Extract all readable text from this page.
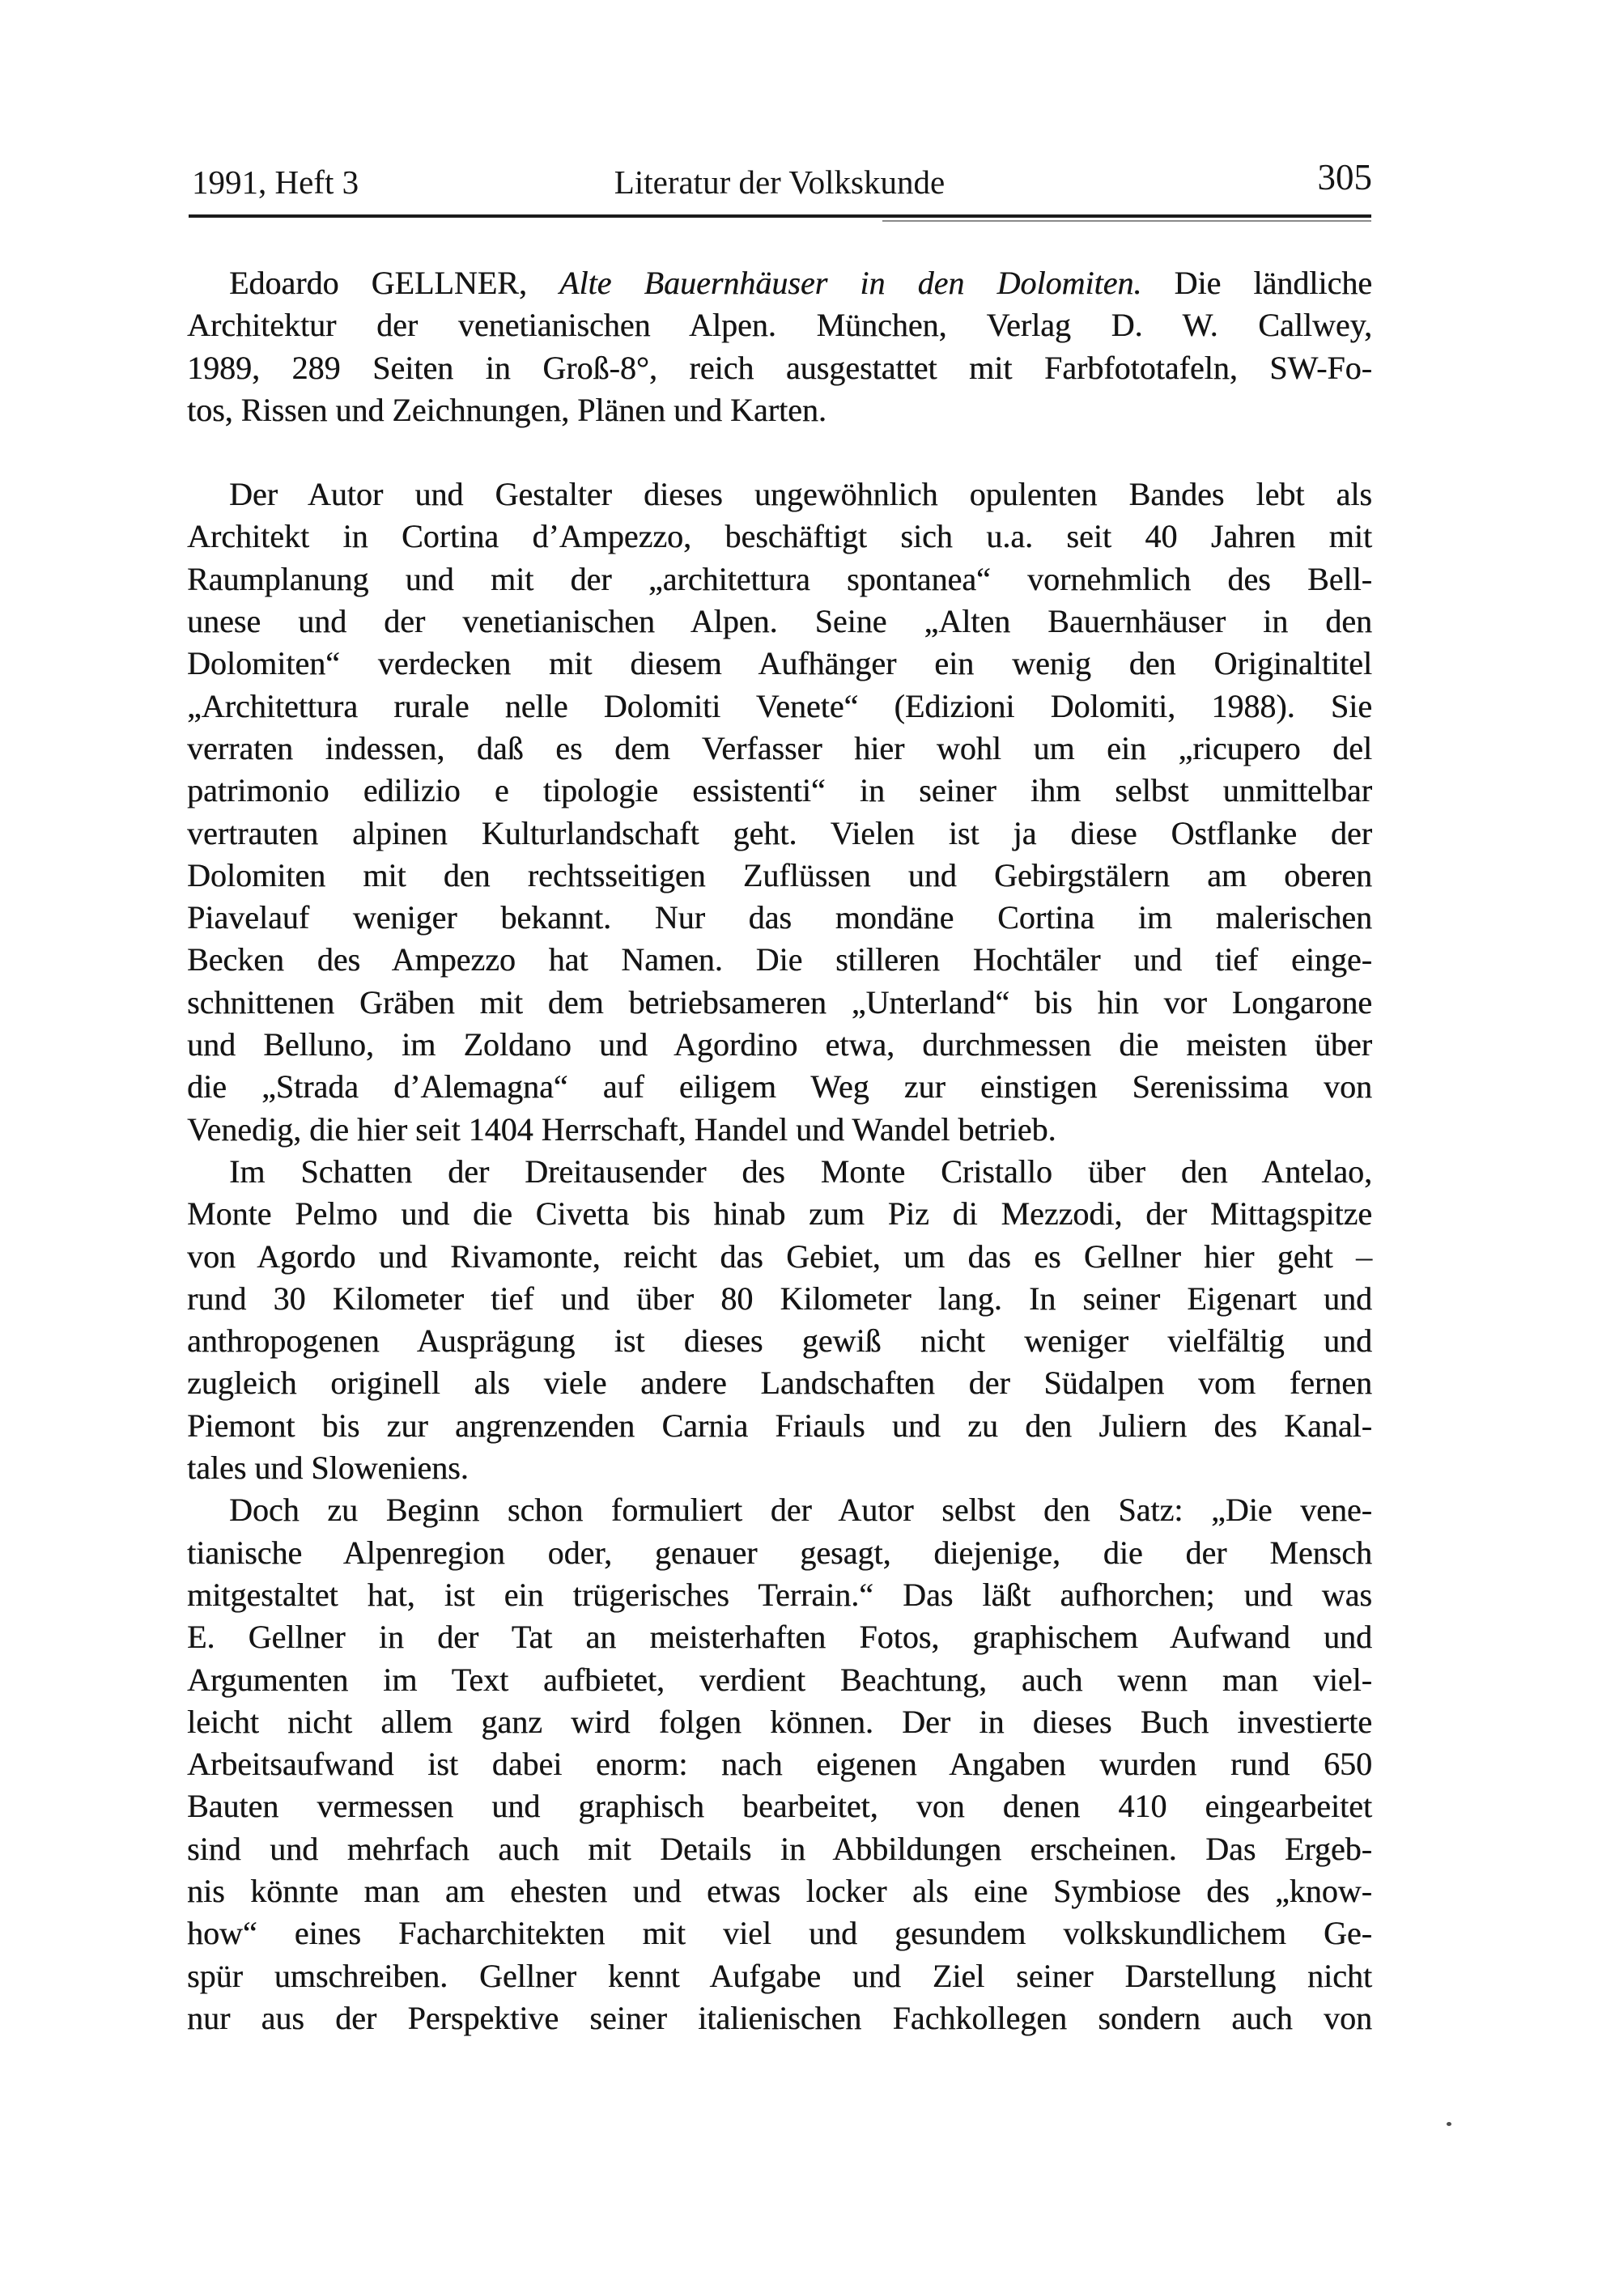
1991, Heft 3	Literatur der Volkskunde	305
Edoardo GELLNER, Alte Bauernhäuser in den Dolomiten. Die ländliche
Architektur der venetianischen Alpen. München, Verlag D. W. Callwey,
1989, 289 Seiten in Groß-8°, reich ausgestattet mit Farbfototafeln, SW-Fo-
tos, Rissen und Zeichnungen, Plänen und Karten.
Der Autor und Gestalter dieses ungewöhnlich opulenten Bandes lebt als
Architekt in Cortina d’Ampezzo, beschäftigt sich u.a. seit 40 Jahren mit
Raumplanung und mit der „architettura spontanea“ vornehmlich des Bell-
unese und der venetianischen Alpen. Seine „Alten Bauernhäuser in den
Dolomiten“ verdecken mit diesem Aufhänger ein wenig den Originaltitel
„Architettura rurale nelle Dolomiti Venete“ (Edizioni Dolomiti, 1988). Sie
verraten indessen, daß es dem Verfasser hier wohl um ein „ricupero del
patrimonio edilizio e tipologie essistenti“ in seiner ihm selbst unmittelbar
vertrauten alpinen Kulturlandschaft geht. Vielen ist ja diese Ostflanke der
Dolomiten mit den rechtsseitigen Zuflüssen und Gebirgstälern am oberen
Piavelauf weniger bekannt. Nur das mondäne Cortina im malerischen
Becken des Ampezzo hat Namen. Die stilleren Hochtäler und tief einge-
schnittenen Gräben mit dem betriebsameren „Unterland“ bis hin vor Longarone
und Belluno, im Zoldano und Agordino etwa, durchmessen die meisten über
die „Strada d’Alemagna“ auf eiligem Weg zur einstigen Serenissima von
Venedig, die hier seit 1404 Herrschaft, Handel und Wandel betrieb.
Im Schatten der Dreitausender des Monte Cristallo über den Antelao,
Monte Pelmo und die Civetta bis hinab zum Piz di Mezzodi, der Mittagspitze
von Agordo und Rivamonte, reicht das Gebiet, um das es Gellner hier geht –
rund 30 Kilometer tief und über 80 Kilometer lang. In seiner Eigenart und
anthropogenen Ausprägung ist dieses gewiß nicht weniger vielfältig und
zugleich originell als viele andere Landschaften der Südalpen vom fernen
Piemont bis zur angrenzenden Carnia Friauls und zu den Juliern des Kanal-
tales und Sloweniens.
Doch zu Beginn schon formuliert der Autor selbst den Satz: „Die vene-
tianische Alpenregion oder, genauer gesagt, diejenige, die der Mensch
mitgestaltet hat, ist ein trügerisches Terrain.“ Das läßt aufhorchen; und was
E. Gellner in der Tat an meisterhaften Fotos, graphischem Aufwand und
Argumenten im Text aufbietet, verdient Beachtung, auch wenn man viel-
leicht nicht allem ganz wird folgen können. Der in dieses Buch investierte
Arbeitsaufwand ist dabei enorm: nach eigenen Angaben wurden rund 650
Bauten vermessen und graphisch bearbeitet, von denen 410 eingearbeitet
sind und mehrfach auch mit Details in Abbildungen erscheinen. Das Ergeb-
nis könnte man am ehesten und etwas locker als eine Symbiose des „know-
how“ eines Facharchitekten mit viel und gesundem volkskundlichem Ge-
spür umschreiben. Gellner kennt Aufgabe und Ziel seiner Darstellung nicht
nur aus der Perspektive seiner italienischen Fachkollegen sondern auch von
